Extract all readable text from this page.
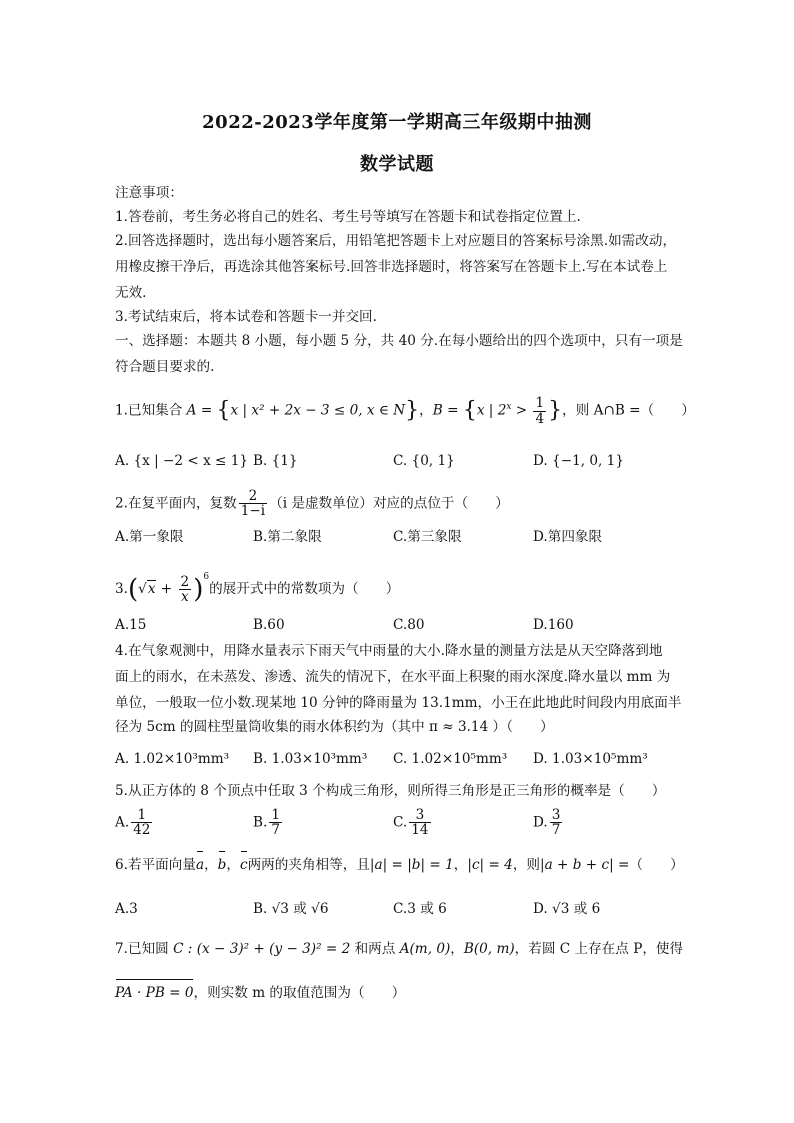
2022-2023学年度第一学期高三年级期中抽测
数学试题
注意事项：
1.答卷前，考生务必将自己的姓名、考生号等填写在答题卡和试卷指定位置上.
2.回答选择题时，选出每小题答案后，用铅笔把答题卡上对应题目的答案标号涂黑.如需改动，
用橡皮擦干净后，再选涂其他答案标号.回答非选择题时，将答案写在答题卡上.写在本试卷上
无效.
3.考试结束后，将本试卷和答题卡一并交回.
一、选择题：本题共 8 小题，每小题 5 分，共 40 分.在每小题给出的四个选项中，只有一项是
符合题目要求的.
1.已知集合 A = {x | x² + 2x − 3 ≤ 0, x ∈ N}，B = {x | $2^x > \frac{1}{4}$ }，则 A∩B =（　　）
A. {x | −2 < x ≤ 1} B. {1}	C. {0, 1}	D. {−1, 0, 1}
2.在复平面内，复数 $\frac{2}{1-i} (i$ 是虚数单位）对应的点位于（　　）
A.第一象限	B.第二象限	C.第三象限	D.第四象限
$3.(√x + \frac{2}{x} )^6$的展开式中的常数项为（　　）
A.15	B.60	C.80	D.160
4.在气象观测中，用降水量表示下雨天气中雨量的大小.降水量的测量方法是从天空降落到地
面上的雨水，在未蒸发、渗透、流失的情况下，在水平面上积聚的雨水深度.降水量以 mm 为
单位，一般取一位小数.现某地 10 分钟的降雨量为 13.1mm，小王在此地此时间段内用底面半
径为 5cm 的圆柱型量筒收集的雨水体积约为（其中 π ≈ 3.14 ）（　　）
A. 1.02×10³mm³ B. 1.03×10³mm³ C. 1.02×10⁵mm³ D. 1.03×10⁵mm³
5.从正方体的 8 个顶点中任取 3 个构成三角形，则所得三角形是正三角形的概率是（　　）
A. $\frac{1}{42}$	B. $\frac{1}{7}$	C. $\frac{3}{14}$	D. $\frac{3}{7}$
6.若平面向量a，b，c两两的夹角相等，且|a| = |b| = 1，|c| = 4，则|a + b + c| =（　　）
A.3	B. √3 或 √6	C.3 或 6	D. √3 或 6
7.已知圆 C : (x − 3)² + (y − 3)² = 2 和两点 A(m, 0)，B(0, m)，若圆 C 上存在点 P，使得
PA · PB = 0，则实数 m 的取值范围为（　　）
